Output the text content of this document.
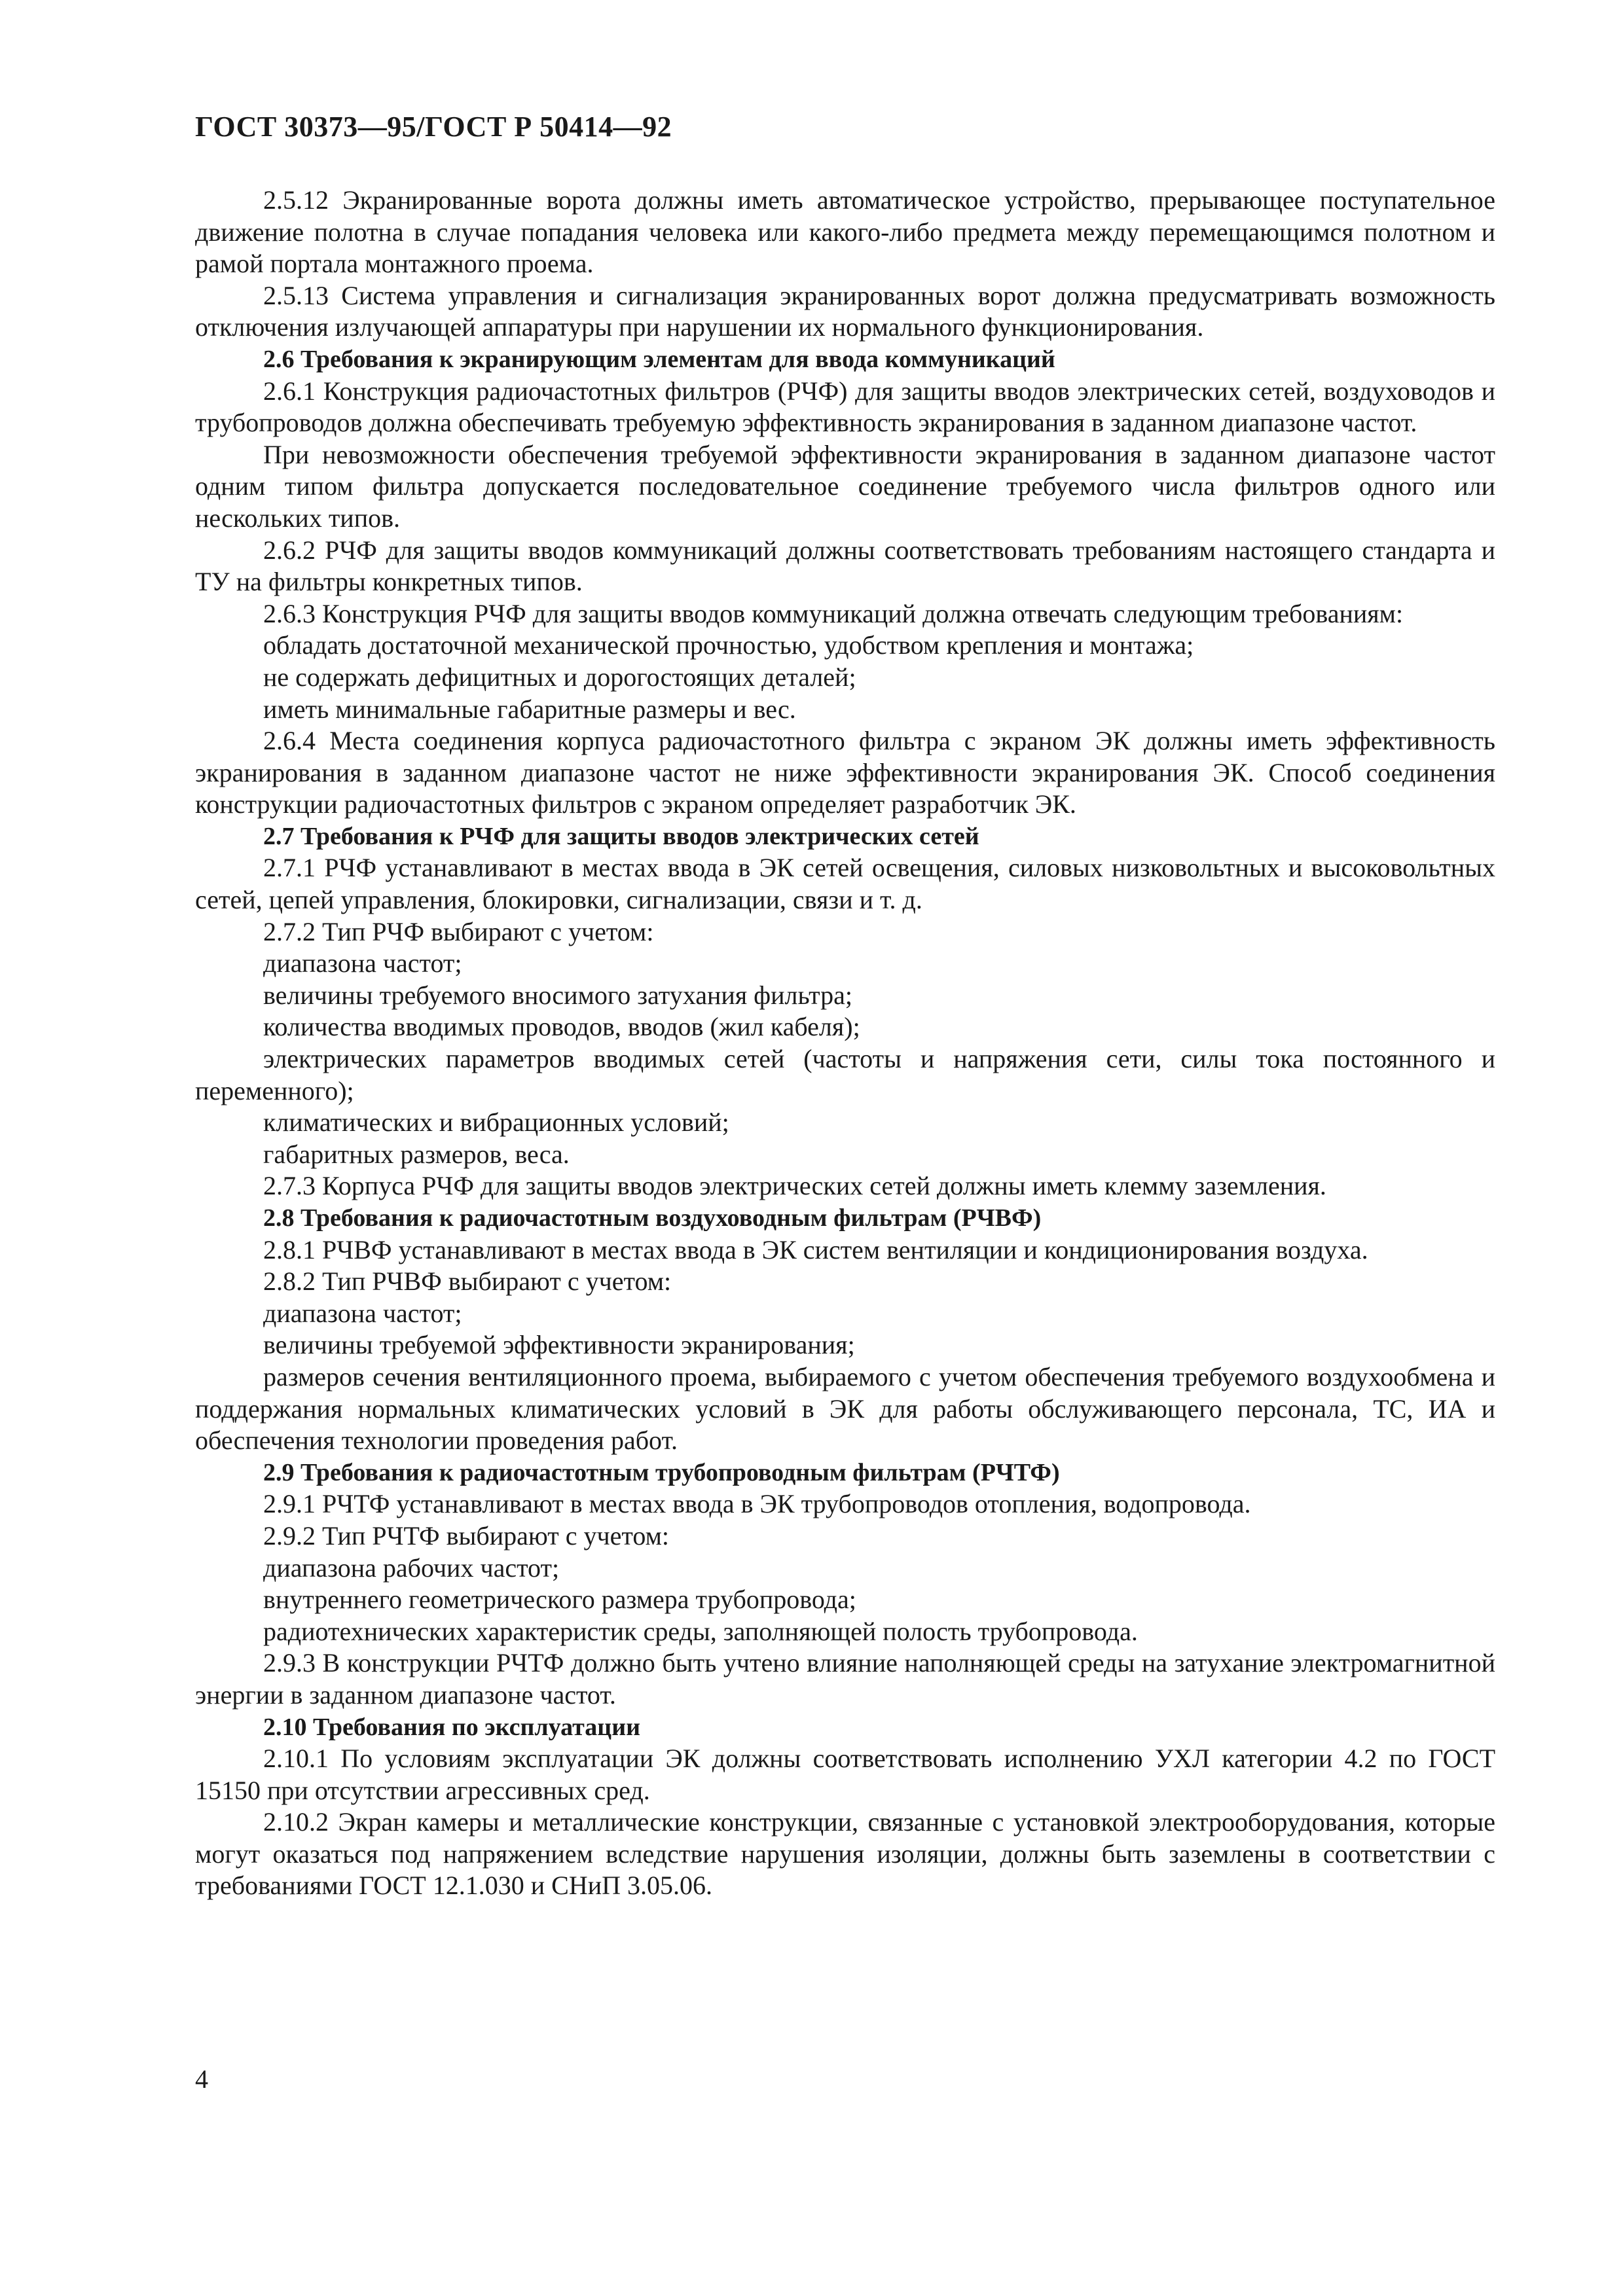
ГОСТ 30373—95/ГОСТ Р 50414—92

2.5.12 Экранированные ворота должны иметь автоматическое устройство, прерывающее поступательное движение полотна в случае попадания человека или какого-либо предмета между перемещающимся полотном и рамой портала монтажного проема.

2.5.13 Система управления и сигнализация экранированных ворот должна предусматривать возможность отключения излучающей аппаратуры при нарушении их нормального функционирования.

2.6 Требования к экранирующим элементам для ввода коммуникаций

2.6.1 Конструкция радиочастотных фильтров (РЧФ) для защиты вводов электрических сетей, воздуховодов и трубопроводов должна обеспечивать требуемую эффективность экранирования в заданном диапазоне частот.

При невозможности обеспечения требуемой эффективности экранирования в заданном диапазоне частот одним типом фильтра допускается последовательное соединение требуемого числа фильтров одного или нескольких типов.

2.6.2 РЧФ для защиты вводов коммуникаций должны соответствовать требованиям настоящего стандарта и ТУ на фильтры конкретных типов.

2.6.3 Конструкция РЧФ для защиты вводов коммуникаций должна отвечать следующим требованиям:

обладать достаточной механической прочностью, удобством крепления и монтажа;

не содержать дефицитных и дорогостоящих деталей;

иметь минимальные габаритные размеры и вес.

2.6.4 Места соединения корпуса радиочастотного фильтра с экраном ЭК должны иметь эффективность экранирования в заданном диапазоне частот не ниже эффективности экранирования ЭК. Способ соединения конструкции радиочастотных фильтров с экраном определяет разработчик ЭК.

2.7 Требования к РЧФ для защиты вводов электрических сетей

2.7.1 РЧФ устанавливают в местах ввода в ЭК сетей освещения, силовых низковольтных и высоковольтных сетей, цепей управления, блокировки, сигнализации, связи и т. д.

2.7.2 Тип РЧФ выбирают с учетом:

диапазона частот;

величины требуемого вносимого затухания фильтра;

количества вводимых проводов, вводов (жил кабеля);

электрических параметров вводимых сетей (частоты и напряжения сети, силы тока постоянного и переменного);

климатических и вибрационных условий;

габаритных размеров, веса.

2.7.3 Корпуса РЧФ для защиты вводов электрических сетей должны иметь клемму заземления.

2.8 Требования к радиочастотным воздуховодным фильтрам (РЧВФ)

2.8.1 РЧВФ устанавливают в местах ввода в ЭК систем вентиляции и кондиционирования воздуха.

2.8.2 Тип РЧВФ выбирают с учетом:

диапазона частот;

величины требуемой эффективности экранирования;

размеров сечения вентиляционного проема, выбираемого с учетом обеспечения требуемого воздухообмена и поддержания нормальных климатических условий в ЭК для работы обслуживающего персонала, ТС, ИА и обеспечения технологии проведения работ.

2.9 Требования к радиочастотным трубопроводным фильтрам (РЧТФ)

2.9.1 РЧТФ устанавливают в местах ввода в ЭК трубопроводов отопления, водопровода.

2.9.2 Тип РЧТФ выбирают с учетом:

диапазона рабочих частот;

внутреннего геометрического размера трубопровода;

радиотехнических характеристик среды, заполняющей полость трубопровода.

2.9.3 В конструкции РЧТФ должно быть учтено влияние наполняющей среды на затухание электромагнитной энергии в заданном диапазоне частот.

2.10 Требования по эксплуатации

2.10.1 По условиям эксплуатации ЭК должны соответствовать исполнению УХЛ категории 4.2 по ГОСТ 15150 при отсутствии агрессивных сред.

2.10.2 Экран камеры и металлические конструкции, связанные с установкой электрооборудования, которые могут оказаться под напряжением вследствие нарушения изоляции, должны быть заземлены в соответствии с требованиями ГОСТ 12.1.030 и СНиП 3.05.06.

4
